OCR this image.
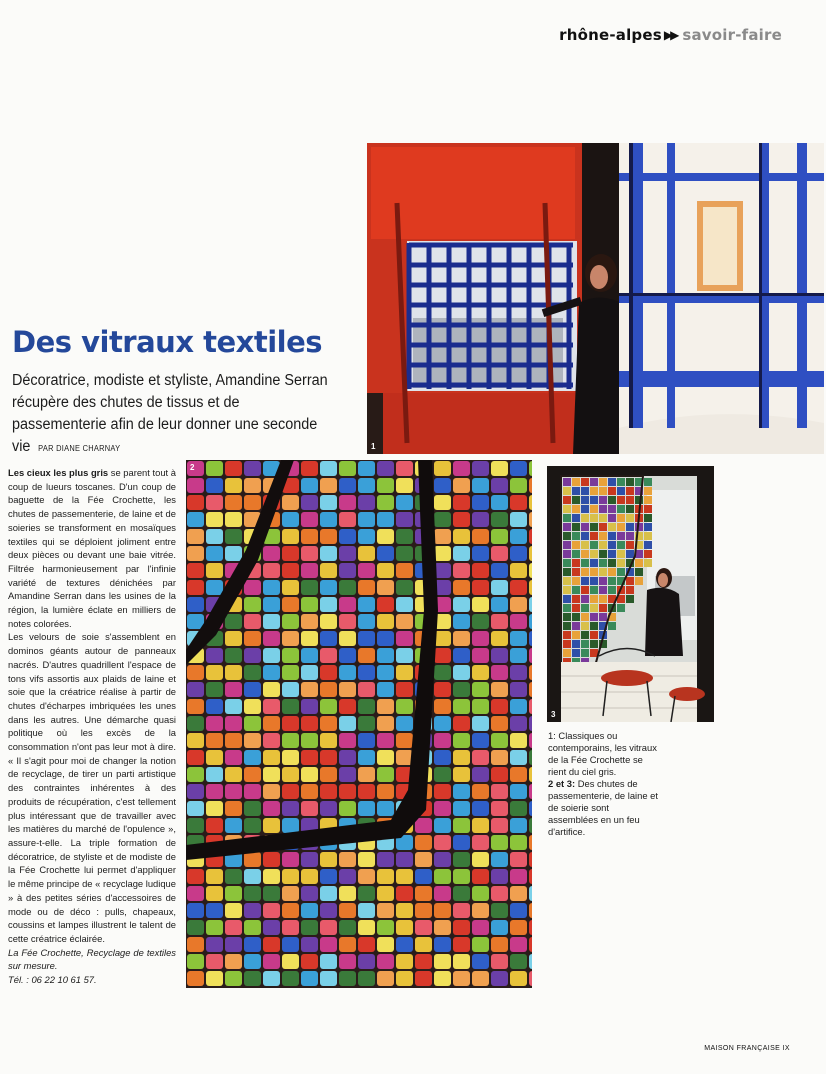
rhône-alpes ▶▶ savoir-faire
1
Des vitraux textiles
Décoratrice, modiste et styliste, Amandine Serran récupère des chutes de tissus et de passementerie afin de leur donner une seconde vie PAR DIANE CHARNAY
2
3

Les cieux les plus gris se parent tout à coup de lueurs toscanes. D'un coup de baguette de la Fée Crochette, les chutes de passementerie, de laine et de soieries se transforment en mosaïques textiles qui se déploient joliment entre deux pièces ou devant une baie vitrée. Filtrée harmonieusement par l'infinie variété de textures dénichées par Amandine Serran dans les usines de la région, la lumière éclate en milliers de notes colorées.

Les velours de soie s'assemblent en dominos géants autour de panneaux nacrés. D'autres quadrillent l'espace de tons vifs assortis aux plaids de laine et soie que la créatrice réalise à partir de chutes d'écharpes imbriquées les unes dans les autres. Une démarche quasi politique où les excès de la consommation n'ont pas leur mot à dire. « Il s'agit pour moi de changer la notion de recyclage, de tirer un parti artistique des contraintes inhérentes à des produits de récupération, c'est tellement plus intéressant que de travailler avec les matières du marché de l'opulence », assure-t-elle. La triple formation de décoratrice, de styliste et de modiste de la Fée Crochette lui permet d'appliquer le même principe de « recyclage ludique » à des petites séries d'accessoires de mode ou de déco : pulls, chapeaux, coussins et lampes illustrent le talent de cette créatrice éclairée.

La Fée Crochette, Recyclage de textiles sur mesure.
Tél. : 06 22 10 61 57.

1: Classiques ou contemporains, les vitraux de la Fée Crochette se rient du ciel gris.

2 et 3: Des chutes de passementerie, de laine et de soierie sont assemblées en un feu d'artifice.

MAISON FRANÇAISE IX
